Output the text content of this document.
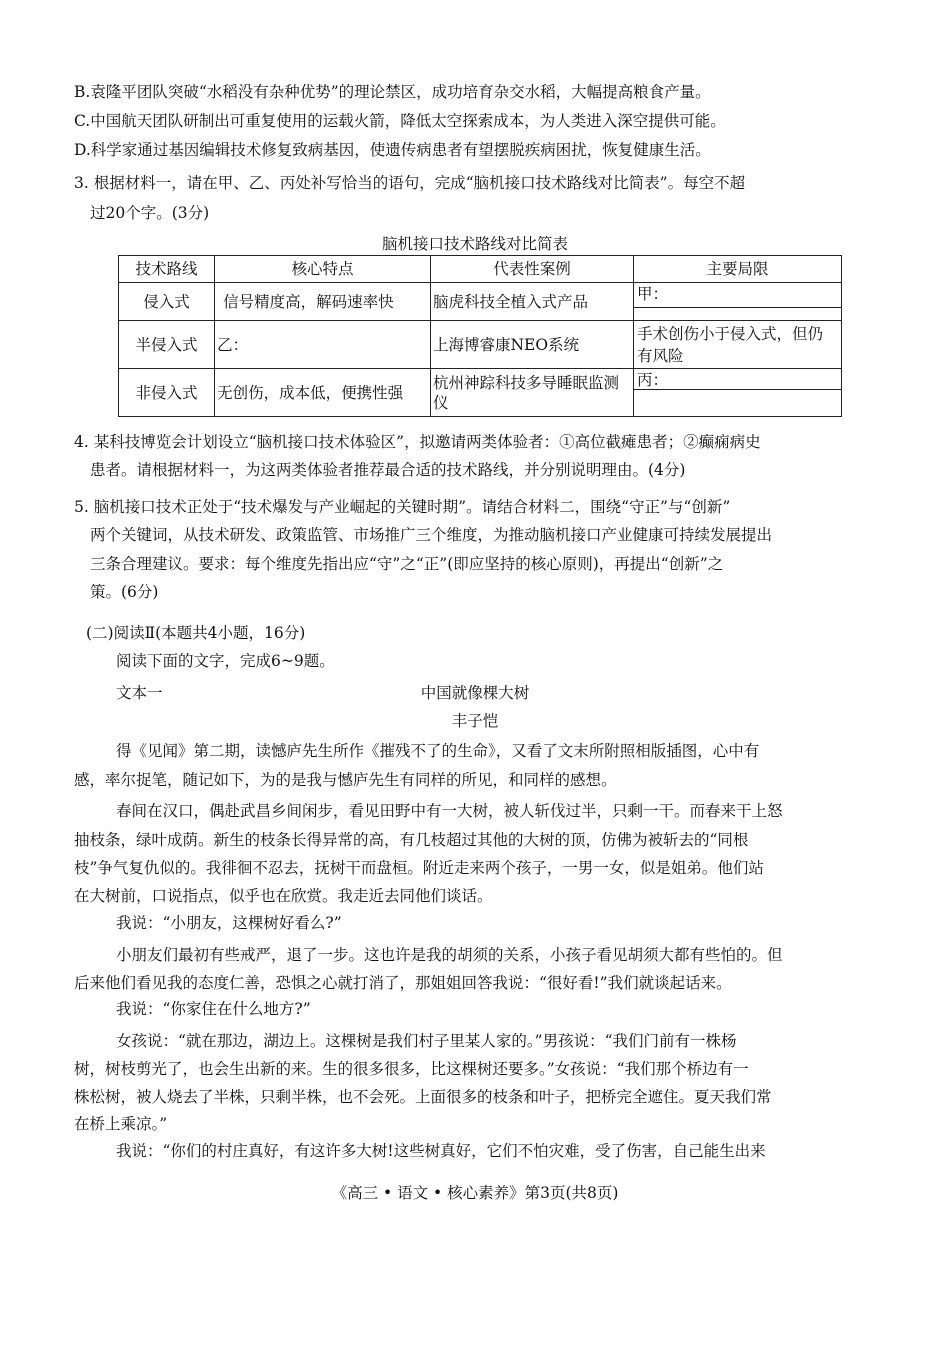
B.袁隆平团队突破“水稻没有杂种优势”的理论禁区，成功培育杂交水稻，大幅提高粮食产量。
C.中国航天团队研制出可重复使用的运载火箭，降低太空探索成本，为人类进入深空提供可能。
D.科学家通过基因编辑技术修复致病基因，使遗传病患者有望摆脱疾病困扰，恢复健康生活。
3. 根据材料一，请在甲、乙、丙处补写恰当的语句，完成“脑机接口技术路线对比简表”。每空不超
过20个字。(3分)
脑机接口技术路线对比简表
技术路线	核心特点	代表性案例	主要局限
侵入式	信号精度高，解码速率快	脑虎科技全植入式产品	甲：

半侵入式	乙：	上海博睿康NEO系统	手术创伤小于侵入式，但仍有风险
非侵入式	无创伤，成本低，便携性强	杭州神踪科技多导睡眠监测仪	丙：
4. 某科技博览会计划设立“脑机接口技术体验区”，拟邀请两类体验者：①高位截瘫患者；②癫痫病史
患者。请根据材料一，为这两类体验者推荐最合适的技术路线，并分别说明理由。(4分)
5. 脑机接口技术正处于“技术爆发与产业崛起的关键时期”。请结合材料二，围绕“守正”与“创新”
两个关键词，从技术研发、政策监管、市场推广三个维度，为推动脑机接口产业健康可持续发展提出
三条合理建议。要求：每个维度先指出应“守”之“正”(即应坚持的核心原则)，再提出“创新”之
策。(6分)
(二)阅读Ⅱ(本题共4小题，16分)
阅读下面的文字，完成6~9题。
文本一	中国就像棵大树
丰子恺
得《见闻》第二期，读憾庐先生所作《摧残不了的生命》，又看了文末所附照相版插图，心中有
感，率尔捉笔，随记如下，为的是我与憾庐先生有同样的所见，和同样的感想。
春间在汉口，偶赴武昌乡间闲步，看见田野中有一大树，被人斩伐过半，只剩一干。而春来干上怒
抽枝条，绿叶成荫。新生的枝条长得异常的高，有几枝超过其他的大树的顶，仿佛为被斩去的“同根
枝”争气复仇似的。我徘徊不忍去，抚树干而盘桓。附近走来两个孩子，一男一女，似是姐弟。他们站
在大树前，口说指点，似乎也在欣赏。我走近去同他们谈话。
我说：“小朋友，这棵树好看么?”
小朋友们最初有些戒严，退了一步。这也许是我的胡须的关系，小孩子看见胡须大都有些怕的。但
后来他们看见我的态度仁善，恐惧之心就打消了，那姐姐回答我说：“很好看!”我们就谈起话来。
我说：“你家住在什么地方?”
女孩说：“就在那边，湖边上。这棵树是我们村子里某人家的。”男孩说：“我们门前有一株杨
树，树枝剪光了，也会生出新的来。生的很多很多，比这棵树还要多。”女孩说：“我们那个桥边有一
株松树，被人烧去了半株，只剩半株，也不会死。上面很多的枝条和叶子，把桥完全遮住。夏天我们常
在桥上乘凉。”
我说：“你们的村庄真好，有这许多大树!这些树真好，它们不怕灾难，受了伤害，自己能生出来
《高三 • 语文 • 核心素养》第3页(共8页)
